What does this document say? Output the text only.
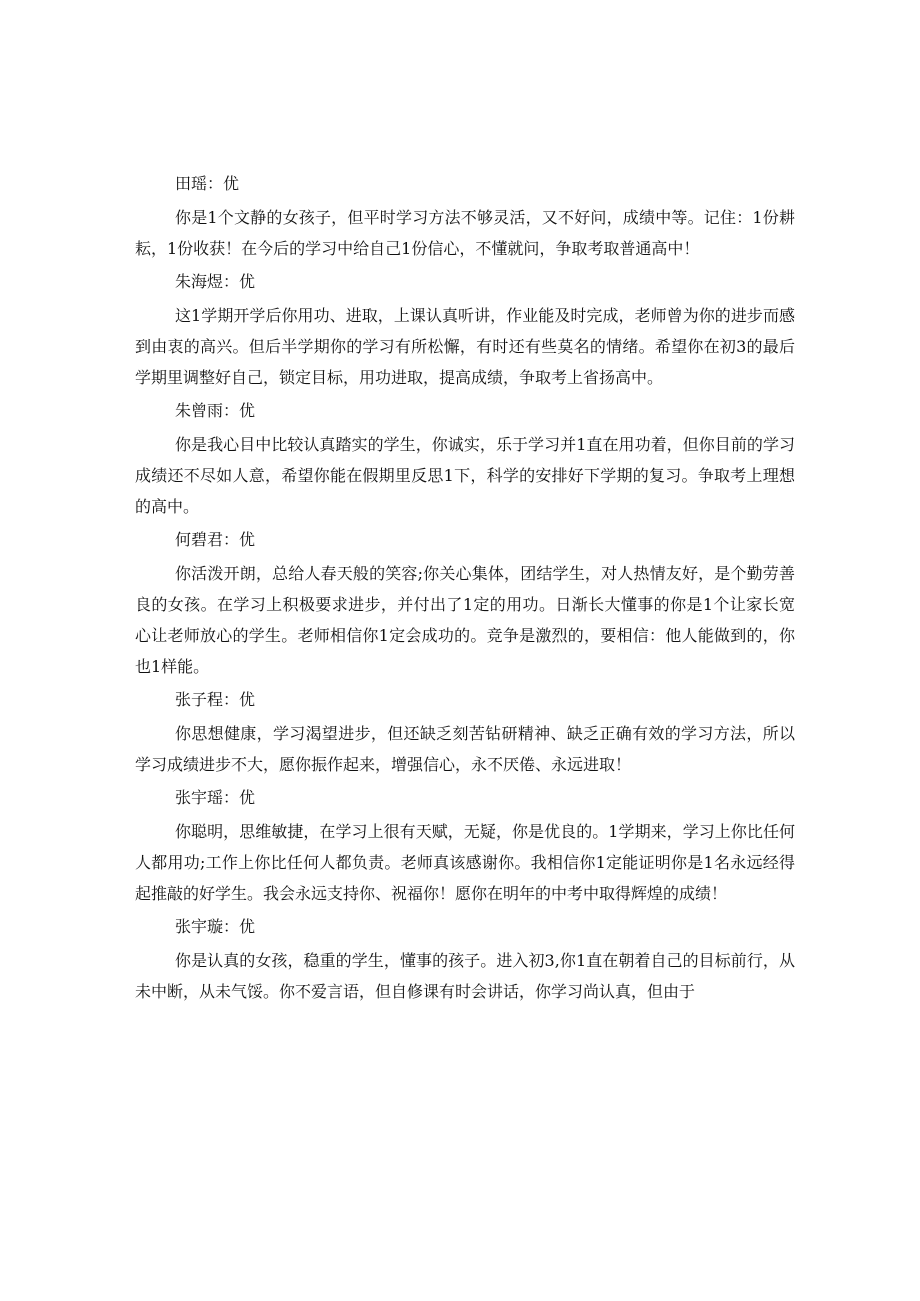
田瑶：优

你是1个文静的女孩子，但平时学习方法不够灵活，又不好问，成绩中等。记住：1份耕耘，1份收获！在今后的学习中给自己1份信心，不懂就问，争取考取普通高中！

朱海煜：优

这1学期开学后你用功、进取，上课认真听讲，作业能及时完成，老师曾为你的进步而感到由衷的高兴。但后半学期你的学习有所松懈，有时还有些莫名的情绪。希望你在初3的最后学期里调整好自己，锁定目标，用功进取，提高成绩，争取考上省扬高中。

朱曾雨：优

你是我心目中比较认真踏实的学生，你诚实，乐于学习并1直在用功着，但你目前的学习成绩还不尽如人意，希望你能在假期里反思1下，科学的安排好下学期的复习。争取考上理想的高中。

何碧君：优

你活泼开朗，总给人春天般的笑容;你关心集体，团结学生，对人热情友好，是个勤劳善良的女孩。在学习上积极要求进步，并付出了1定的用功。日渐长大懂事的你是1个让家长宽心让老师放心的学生。老师相信你1定会成功的。竞争是激烈的，要相信：他人能做到的，你也1样能。

张子程：优

你思想健康，学习渴望进步，但还缺乏刻苦钻研精神、缺乏正确有效的学习方法，所以学习成绩进步不大，愿你振作起来，增强信心，永不厌倦、永远进取！

张宇瑶：优

你聪明，思维敏捷，在学习上很有天赋，无疑，你是优良的。1学期来，学习上你比任何人都用功;工作上你比任何人都负责。老师真该感谢你。我相信你1定能证明你是1名永远经得起推敲的好学生。我会永远支持你、祝福你！愿你在明年的中考中取得辉煌的成绩！

张宇璇：优

你是认真的女孩，稳重的学生，懂事的孩子。进入初3,你1直在朝着自己的目标前行，从未中断，从未气馁。你不爱言语，但自修课有时会讲话，你学习尚认真，但由于
